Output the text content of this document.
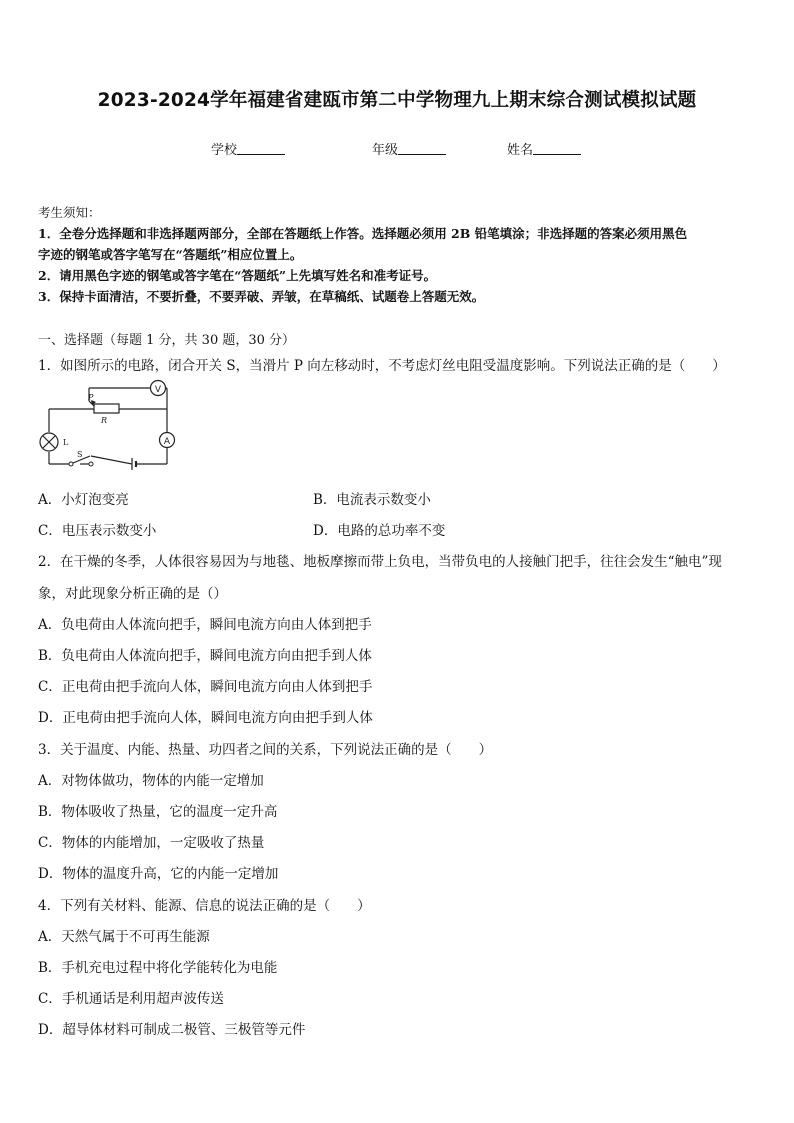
2023-2024学年福建省建瓯市第二中学物理九上期末综合测试模拟试题
学校	年级	姓名
考生须知：
1．全卷分选择题和非选择题两部分，全部在答题纸上作答。选择题必须用 2B 铅笔填涂；非选择题的答案必须用黑色
字迹的钢笔或答字笔写在“答题纸”相应位置上。
2．请用黑色字迹的钢笔或答字笔在“答题纸”上先填写姓名和准考证号。
3．保持卡面清洁，不要折叠，不要弄破、弄皱，在草稿纸、试题卷上答题无效。
一、选择题（每题 1 分，共 30 题，30 分）
1．如图所示的电路，闭合开关 S，当滑片 P 向左移动时，不考虑灯丝电阻受温度影响。下列说法正确的是（　　）
V
A
L
P
R
S
A．小灯泡变亮	B．电流表示数变小
C．电压表示数变小	D．电路的总功率不变
2．在干燥的冬季，人体很容易因为与地毯、地板摩擦而带上负电，当带负电的人接触门把手，往往会发生“触电”现
象，对此现象分析正确的是（）
A．负电荷由人体流向把手，瞬间电流方向由人体到把手
B．负电荷由人体流向把手，瞬间电流方向由把手到人体
C．正电荷由把手流向人体，瞬间电流方向由人体到把手
D．正电荷由把手流向人体，瞬间电流方向由把手到人体
3．关于温度、内能、热量、功四者之间的关系，下列说法正确的是（　　）
A．对物体做功，物体的内能一定增加
B．物体吸收了热量，它的温度一定升高
C．物体的内能增加，一定吸收了热量
D．物体的温度升高，它的内能一定增加
4．下列有关材料、能源、信息的说法正确的是（　　）
A．天然气属于不可再生能源
B．手机充电过程中将化学能转化为电能
C．手机通话是利用超声波传送
D．超导体材料可制成二极管、三极管等元件
